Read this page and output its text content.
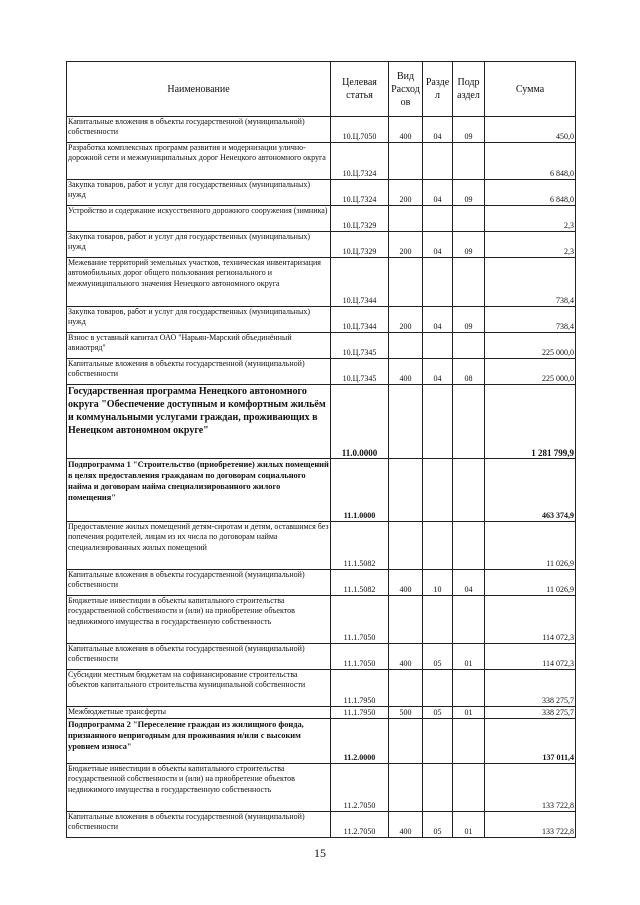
Наименование	Целевая статья	Вид Расход ов	Разде л	Подр аздел	Сумма
Капитальные вложения в объекты государственной (муниципальной) собственности	10.Ц.7050	400	04	09	450,0
Разработка комплексных программ развития и модернизации улично-дорожной сети и межмуниципальных дорог Ненецкого автономного округа	10.Ц.7324				6 848,0
Закупка товаров, работ и услуг для государственных (муниципальных) нужд	10.Ц.7324	200	04	09	6 848,0
Устройство и содержание искусственного дорожного сооружения (зимника)	10.Ц.7329				2,3
Закупка товаров, работ и услуг для государственных (муниципальных) нужд	10.Ц.7329	200	04	09	2,3
Межевание территорий земельных участков, техническая инвентаризация автомобильных дорог общего пользования регионального и межмуниципального значения Ненецкого автономного округа	10.Ц.7344				738,4
Закупка товаров, работ и услуг для государственных (муниципальных) нужд	10.Ц.7344	200	04	09	738,4
Взнос в уставный капитал ОАО "Нарьян-Марский объединённый авиаотряд"	10.Ц.7345				225 000,0
Капитальные вложения в объекты государственной (муниципальной) собственности	10.Ц.7345	400	04	08	225 000,0
Государственная программа Ненецкого автономного округа "Обеспечение доступным и комфортным жильём и коммунальными услугами граждан, проживающих в Ненецком автономном округе"	11.0.0000				1 281 799,9
Подпрограмма 1 "Строительство (приобретение) жилых помещений в целях предоставления гражданам по договорам социального найма и договорам найма специализированного жилого помещения"	11.1.0000				463 374,9
Предоставление жилых помещений детям-сиротам и детям, оставшимся без попечения родителей, лицам из их числа по договорам найма специализированных жилых помещений	11.1.5082				11 026,9
Капитальные вложения в объекты государственной (муниципальной) собственности	11.1.5082	400	10	04	11 026,9
Бюджетные инвестиции в объекты капитального строительства государственной собственности и (или) на приобретение объектов недвижимого имущества в государственную собственность	11.1.7050				114 072,3
Капитальные вложения в объекты государственной (муниципальной) собственности	11.1.7050	400	05	01	114 072,3
Субсидии местным бюджетам на софинансирование строительства объектов капитального строительства муниципальной собственности	11.1.7950				338 275,7
Межбюджетные трансферты	11.1.7950	500	05	01	338 275,7
Подпрограмма 2 "Переселение граждан из жилищного фонда, признанного непригодным для проживания и/или с высоким уровнем износа"	11.2.0000				137 011,4
Бюджетные инвестиции в объекты капитального строительства государственной собственности и (или) на приобретение объектов недвижимого имущества в государственную собственность	11.2.7050				133 722,8
Капитальные вложения в объекты государственной (муниципальной) собственности	11.2.7050	400	05	01	133 722,8
15
